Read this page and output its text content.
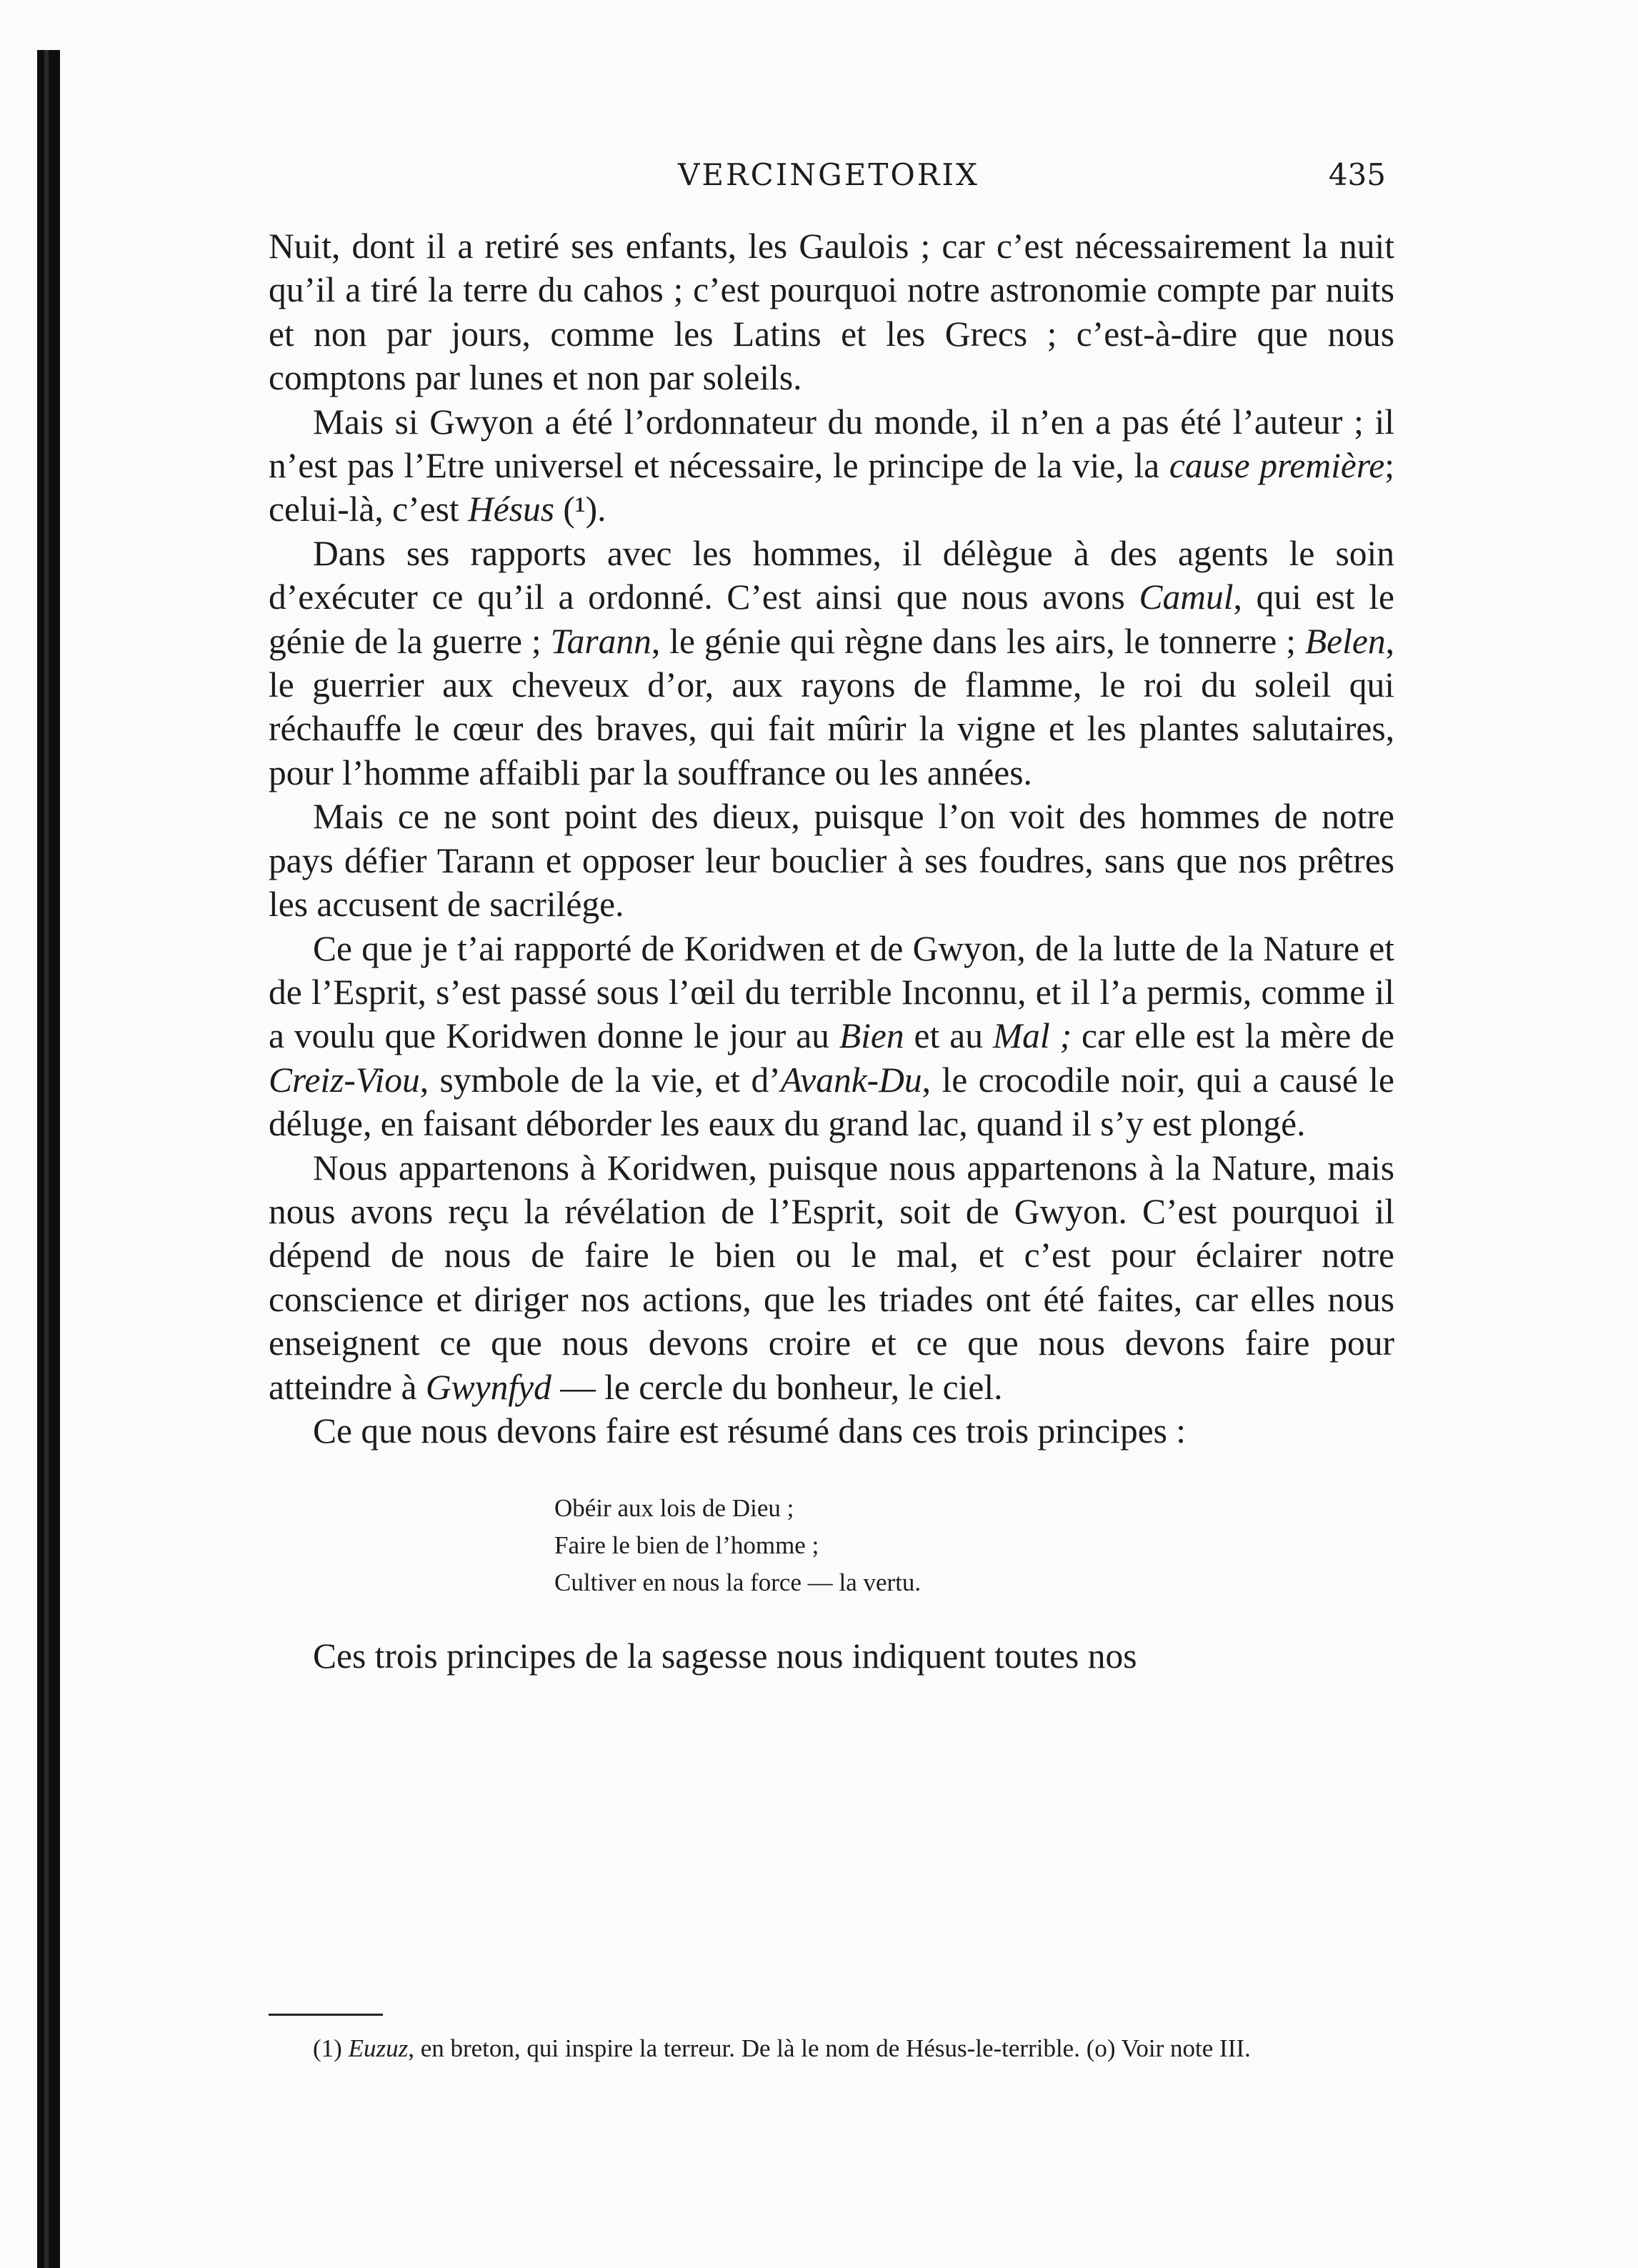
VERCINGETORIX	435

Nuit, dont il a retiré ses enfants, les Gaulois ; car c’est nécessairement la nuit qu’il a tiré la terre du cahos ; c’est pourquoi notre astronomie compte par nuits et non par jours, comme les Latins et les Grecs ; c’est-à-dire que nous comptons par lunes et non par soleils.

Mais si Gwyon a été l’ordonnateur du monde, il n’en a pas été l’auteur ; il n’est pas l’Etre universel et nécessaire, le principe de la vie, la cause première; celui-là, c’est Hésus (¹).

Dans ses rapports avec les hommes, il délègue à des agents le soin d’exécuter ce qu’il a ordonné. C’est ainsi que nous avons Camul, qui est le génie de la guerre ; Tarann, le génie qui règne dans les airs, le tonnerre ; Belen, le guerrier aux cheveux d’or, aux rayons de flamme, le roi du soleil qui réchauffe le cœur des braves, qui fait mûrir la vigne et les plantes salutaires, pour l’homme affaibli par la souffrance ou les années.

Mais ce ne sont point des dieux, puisque l’on voit des hommes de notre pays défier Tarann et opposer leur bouclier à ses foudres, sans que nos prêtres les accusent de sacrilége.

Ce que je t’ai rapporté de Koridwen et de Gwyon, de la lutte de la Nature et de l’Esprit, s’est passé sous l’œil du terrible Inconnu, et il l’a permis, comme il a voulu que Koridwen donne le jour au Bien et au Mal ; car elle est la mère de Creiz-Viou, symbole de la vie, et d’Avank-Du, le crocodile noir, qui a causé le déluge, en faisant déborder les eaux du grand lac, quand il s’y est plongé.

Nous appartenons à Koridwen, puisque nous appartenons à la Nature, mais nous avons reçu la révélation de l’Esprit, soit de Gwyon. C’est pourquoi il dépend de nous de faire le bien ou le mal, et c’est pour éclairer notre conscience et diriger nos actions, que les triades ont été faites, car elles nous enseignent ce que nous devons croire et ce que nous devons faire pour atteindre à Gwynfyd — le cercle du bonheur, le ciel.

Ce que nous devons faire est résumé dans ces trois principes :

Obéir aux lois de Dieu ;
Faire le bien de l’homme ;
Cultiver en nous la force — la vertu.

Ces trois principes de la sagesse nous indiquent toutes nos

(1) Euzuz, en breton, qui inspire la terreur. De là le nom de Hésus-le-terrible. (o) Voir note III.
